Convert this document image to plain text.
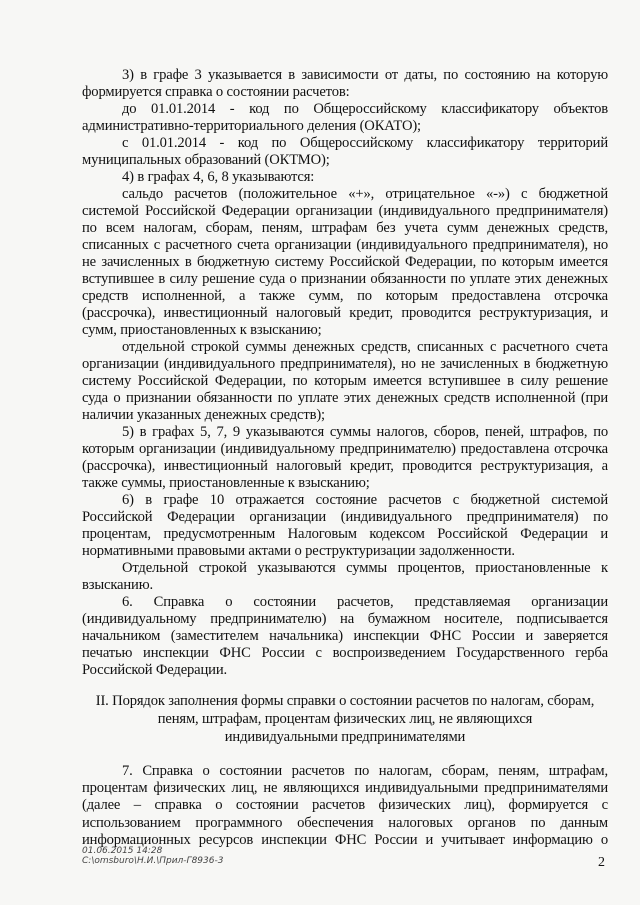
3) в графе 3 указывается в зависимости от даты, по состоянию на которую
формируется справка о состоянии расчетов:
до 01.01.2014 - код по Общероссийскому классификатору объектов
административно-территориального деления (ОКАТО);
с 01.01.2014 - код по Общероссийскому классификатору территорий
муниципальных образований (ОКТМО);
4) в графах 4, 6, 8 указываются:
сальдо расчетов (положительное «+», отрицательное «-») с бюджетной
системой Российской Федерации организации (индивидуального предпринимателя)
по всем налогам, сборам, пеням, штрафам без учета сумм денежных средств,
списанных с расчетного счета организации (индивидуального предпринимателя), но
не зачисленных в бюджетную систему Российской Федерации, по которым имеется
вступившее в силу решение суда о признании обязанности по уплате этих денежных
средств исполненной, а также сумм, по которым предоставлена отсрочка
(рассрочка), инвестиционный налоговый кредит, проводится реструктуризация, и
сумм, приостановленных к взысканию;
отдельной строкой суммы денежных средств, списанных с расчетного счета
организации (индивидуального предпринимателя), но не зачисленных в бюджетную
систему Российской Федерации, по которым имеется вступившее в силу решение
суда о признании обязанности по уплате этих денежных средств исполненной (при
наличии указанных денежных средств);
5) в графах 5, 7, 9 указываются суммы налогов, сборов, пеней, штрафов, по
которым организации (индивидуальному предпринимателю) предоставлена отсрочка
(рассрочка), инвестиционный налоговый кредит, проводится реструктуризация, а
также суммы, приостановленные к взысканию;
6) в графе 10 отражается состояние расчетов с бюджетной системой
Российской Федерации организации (индивидуального предпринимателя) по
процентам, предусмотренным Налоговым кодексом Российской Федерации и
нормативными правовыми актами о реструктуризации задолженности.
Отдельной строкой указываются суммы процентов, приостановленные к
взысканию.
6. Справка о состоянии расчетов, представляемая организации
(индивидуальному предпринимателю) на бумажном носителе, подписывается
начальником (заместителем начальника) инспекции ФНС России и заверяется
печатью инспекции ФНС России с воспроизведением Государственного герба
Российской Федерации.
II. Порядок заполнения формы справки о состоянии расчетов по налогам, сборам,
пеням, штрафам, процентам физических лиц, не являющихся
индивидуальными предпринимателями
7. Справка о состоянии расчетов по налогам, сборам, пеням, штрафам,
процентам физических лиц, не являющихся индивидуальными предпринимателями
(далее – справка о состоянии расчетов физических лиц), формируется с
использованием программного обеспечения налоговых органов по данным
информационных ресурсов инспекции ФНС России и учитывает информацию о
01.06.2015 14:28
С:\omsburo\Н.И.\Прил-Г8936-3	2
